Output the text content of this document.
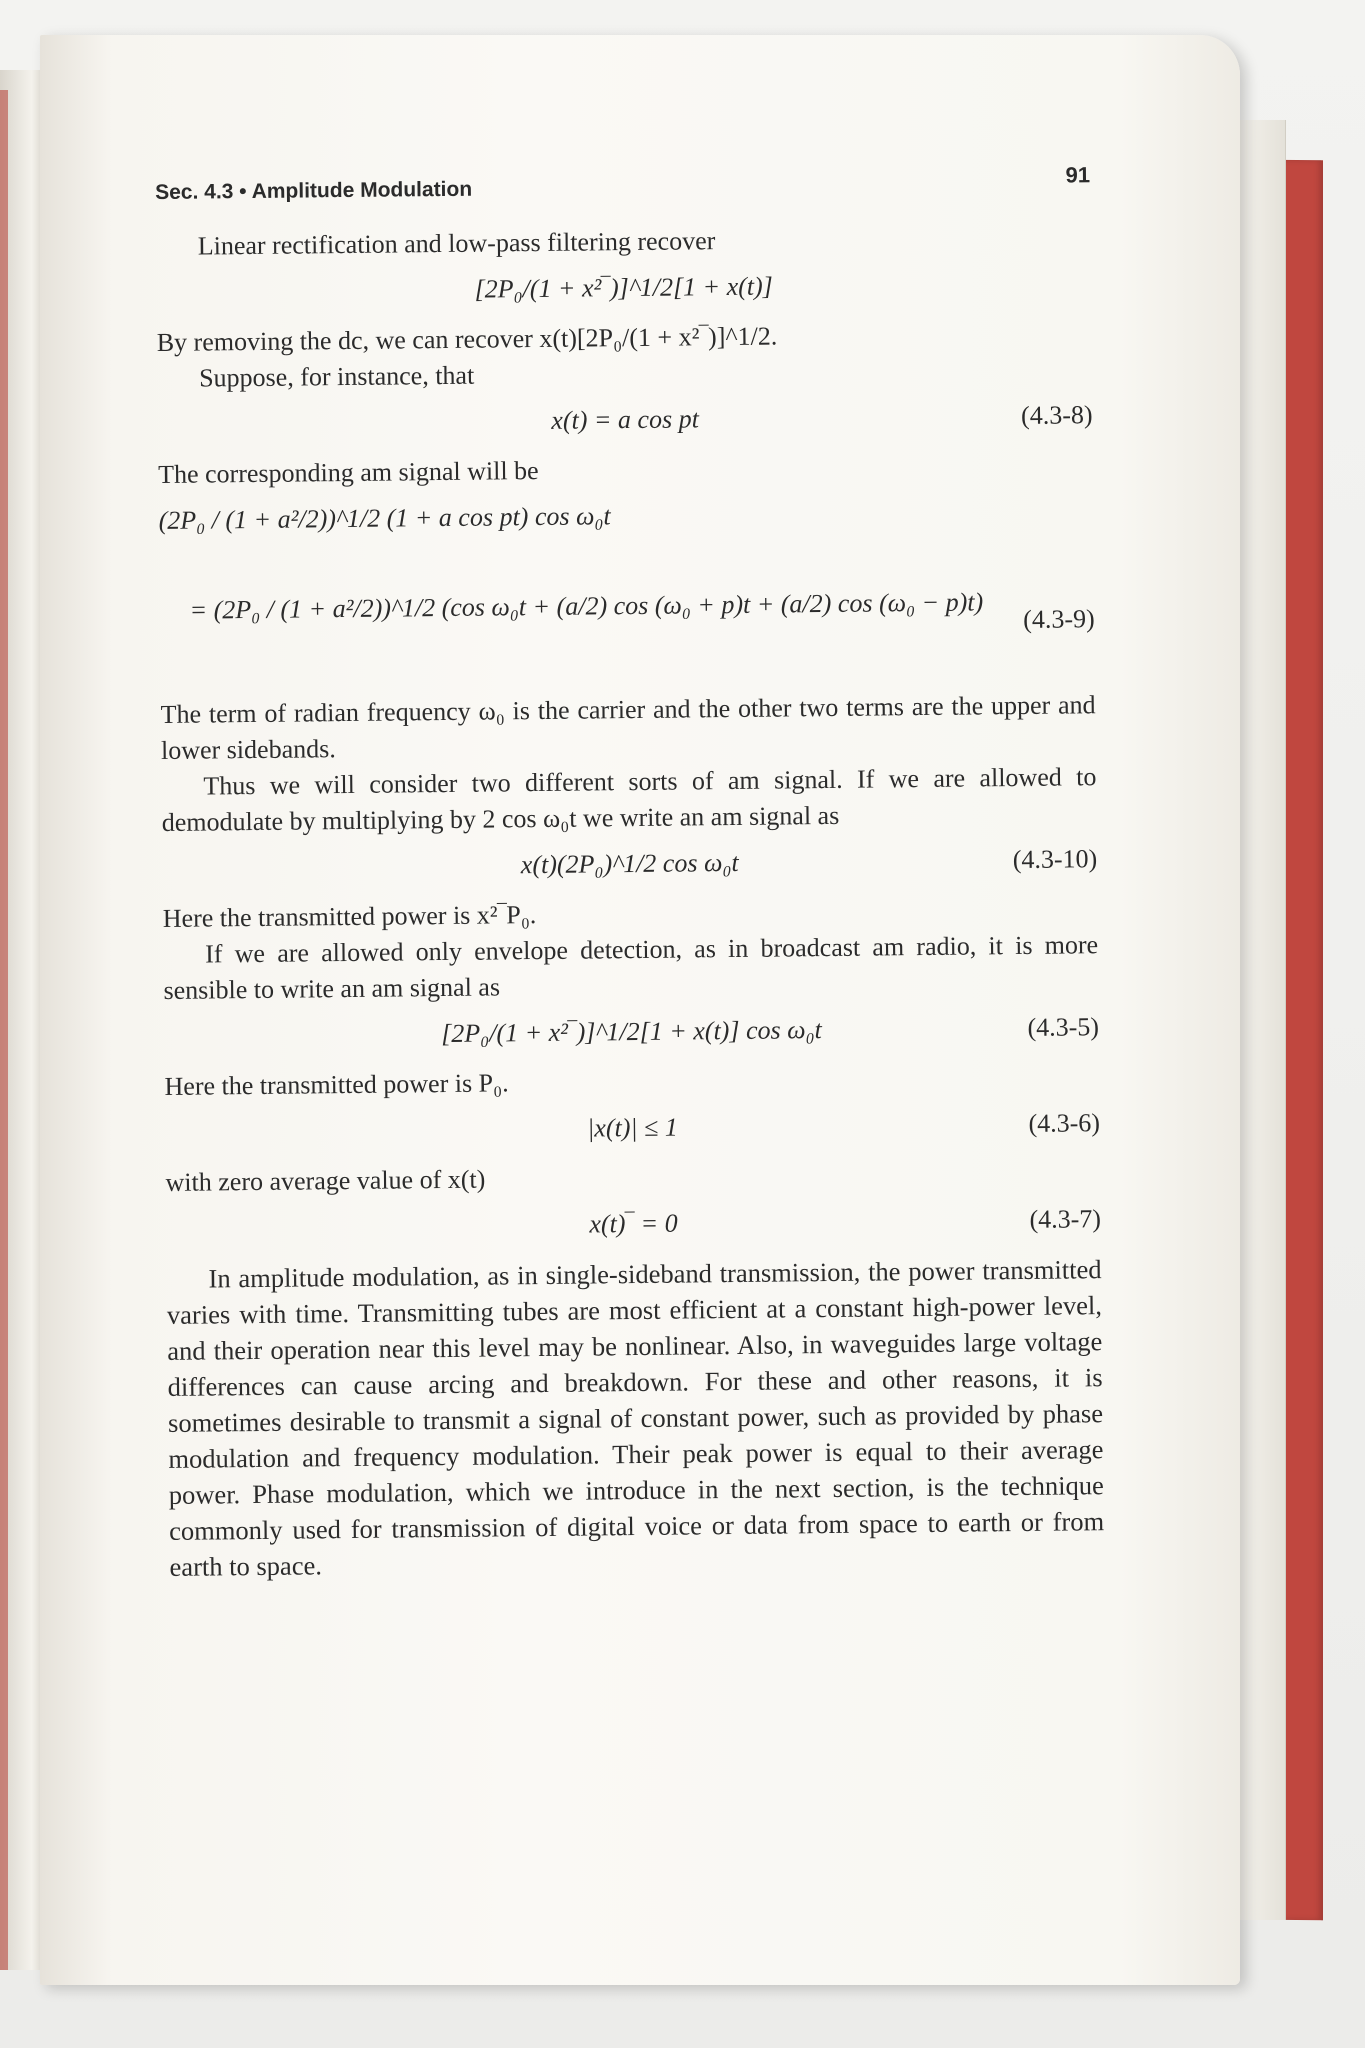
Sec. 4.3 • Amplitude Modulation
91

Linear rectification and low-pass filtering recover

[2P₀/(1 + x²‾)]^1/2[1 + x(t)]

By removing the dc, we can recover x(t)[2P₀/(1 + x²‾)]^1/2.

Suppose, for instance, that

x(t) = a cos pt	(4.3-8)

The corresponding am signal will be

(2P₀ / (1 + a²/2))^1/2 (1 + a cos pt) cos ω₀t
= (2P₀ / (1 + a²/2))^1/2 (cos ω₀t + (a/2) cos (ω₀ + p)t + (a/2) cos (ω₀ − p)t) (4.3-9)

The term of radian frequency ω₀ is the carrier and the other two terms are the upper and lower sidebands.

Thus we will consider two different sorts of am signal. If we are allowed to demodulate by multiplying by 2 cos ω₀t we write an am signal as

x(t)(2P₀)^1/2 cos ω₀t	(4.3-10)

Here the transmitted power is x²‾P₀.

If we are allowed only envelope detection, as in broadcast am radio, it is more sensible to write an am signal as

[2P₀/(1 + x²‾)]^1/2[1 + x(t)] cos ω₀t	(4.3-5)

Here the transmitted power is P₀.

|x(t)| ≤ 1	(4.3-6)

with zero average value of x(t)

x(t)‾ = 0	(4.3-7)

In amplitude modulation, as in single-sideband transmission, the power transmitted varies with time. Transmitting tubes are most efficient at a constant high-power level, and their operation near this level may be nonlinear. Also, in waveguides large voltage differences can cause arcing and breakdown. For these and other reasons, it is sometimes desirable to transmit a signal of constant power, such as provided by phase modulation and frequency modulation. Their peak power is equal to their average power. Phase modulation, which we introduce in the next section, is the technique commonly used for transmission of digital voice or data from space to earth or from earth to space.
